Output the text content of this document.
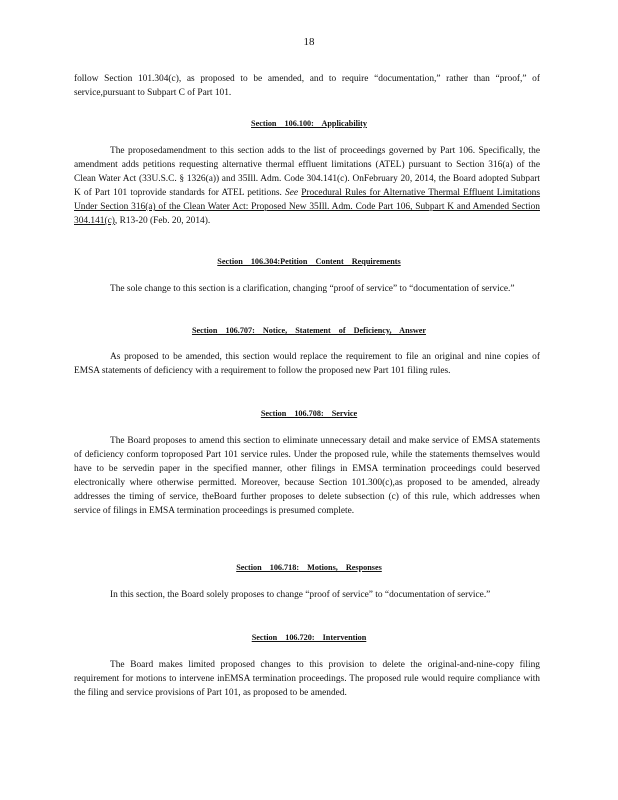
18
follow Section 101.304(c), as proposed to be amended, and to require “documentation,” rather than “proof,” of service,pursuant to Subpart C of Part 101.
Section 106.100: Applicability
The proposedamendment to this section adds to the list of proceedings governed by Part 106. Specifically, the amendment adds petitions requesting alternative thermal effluent limitations (ATEL) pursuant to Section 316(a) of the Clean Water Act (33U.S.C. § 1326(a)) and 35Ill. Adm. Code 304.141(c). OnFebruary 20, 2014, the Board adopted Subpart K of Part 101 toprovide standards for ATEL petitions. See Procedural Rules for Alternative Thermal Effluent Limitations Under Section 316(a) of the Clean Water Act: Proposed New 35Ill. Adm. Code Part 106, Subpart K and Amended Section 304.141(c), R13-20 (Feb. 20, 2014).
Section 106.304:Petition Content Requirements
The sole change to this section is a clarification, changing “proof of service” to “documentation of service.”
Section 106.707: Notice, Statement of Deficiency, Answer
As proposed to be amended, this section would replace the requirement to file an original and nine copies of EMSA statements of deficiency with a requirement to follow the proposed new Part 101 filing rules.
Section 106.708: Service
The Board proposes to amend this section to eliminate unnecessary detail and make service of EMSA statements of deficiency conform toproposed Part 101 service rules. Under the proposed rule, while the statements themselves would have to be servedin paper in the specified manner, other filings in EMSA termination proceedings could beserved electronically where otherwise permitted. Moreover, because Section 101.300(c),as proposed to be amended, already addresses the timing of service, theBoard further proposes to delete subsection (c) of this rule, which addresses when service of filings in EMSA termination proceedings is presumed complete.
Section 106.718: Motions, Responses
In this section, the Board solely proposes to change “proof of service” to “documentation of service.”
Section 106.720: Intervention
The Board makes limited proposed changes to this provision to delete the original-and-nine-copy filing requirement for motions to intervene inEMSA termination proceedings. The proposed rule would require compliance with the filing and service provisions of Part 101, as proposed to be amended.
